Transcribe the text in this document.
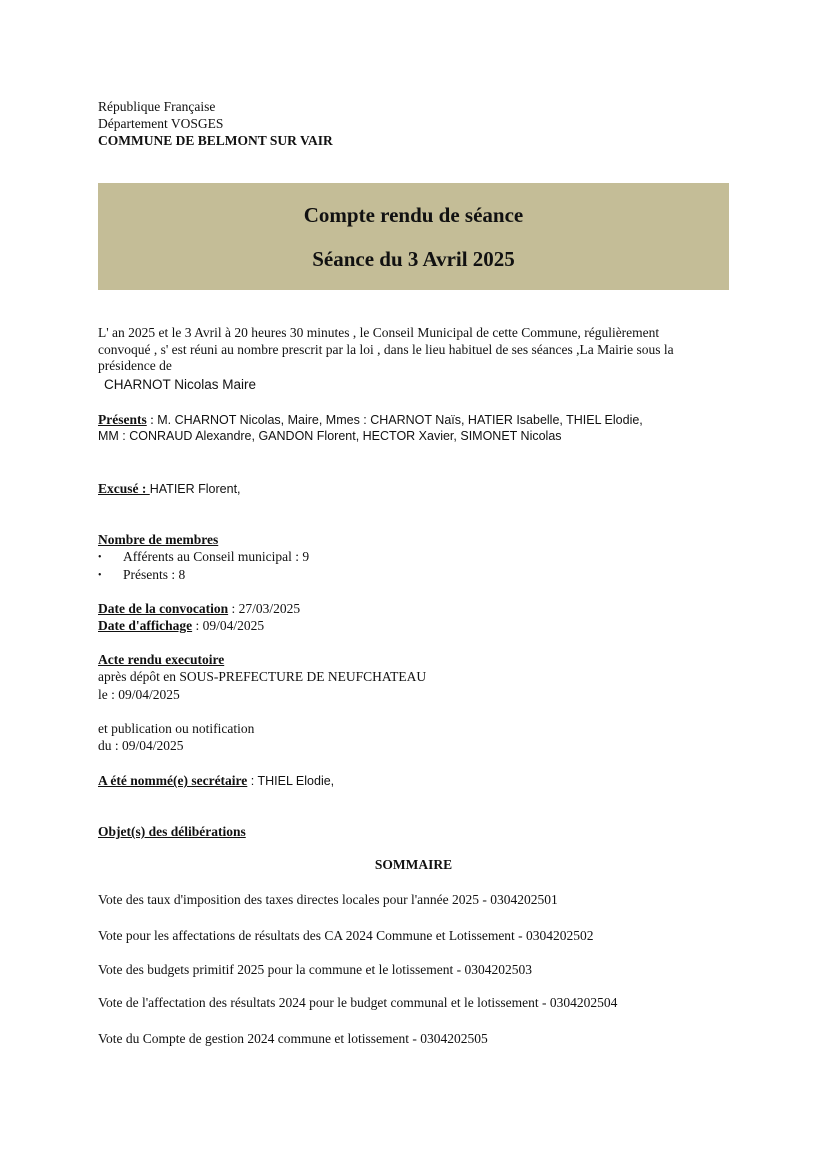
République Française
Département VOSGES
COMMUNE DE BELMONT SUR VAIR
Compte rendu de séance
Séance du 3 Avril 2025
L' an 2025 et le 3 Avril à 20 heures 30 minutes , le Conseil Municipal de cette Commune, régulièrement
convoqué , s' est réuni au nombre prescrit par la loi , dans le lieu habituel de ses séances ,La Mairie sous la
présidence de
CHARNOT Nicolas Maire
Présents : M. CHARNOT Nicolas, Maire, Mmes : CHARNOT Naïs, HATIER Isabelle, THIEL Elodie,
MM : CONRAUD Alexandre, GANDON Florent, HECTOR Xavier, SIMONET Nicolas
Excusé : HATIER Florent,
Nombre de membres
• Afférents au Conseil municipal : 9
• Présents : 8
Date de la convocation : 27/03/2025
Date d'affichage : 09/04/2025
Acte rendu executoire
après dépôt en SOUS-PREFECTURE DE NEUFCHATEAU
le : 09/04/2025
et publication ou notification
du : 09/04/2025
A été nommé(e) secrétaire : THIEL Elodie,
Objet(s) des délibérations
SOMMAIRE
Vote des taux d'imposition des taxes directes locales pour l'année 2025 - 0304202501
Vote pour les affectations de résultats des CA 2024 Commune et Lotissement - 0304202502
Vote des budgets primitif 2025 pour la commune et le lotissement - 0304202503
Vote de l'affectation des résultats 2024 pour le budget communal et le lotissement - 0304202504
Vote du Compte de gestion 2024 commune et lotissement - 0304202505
